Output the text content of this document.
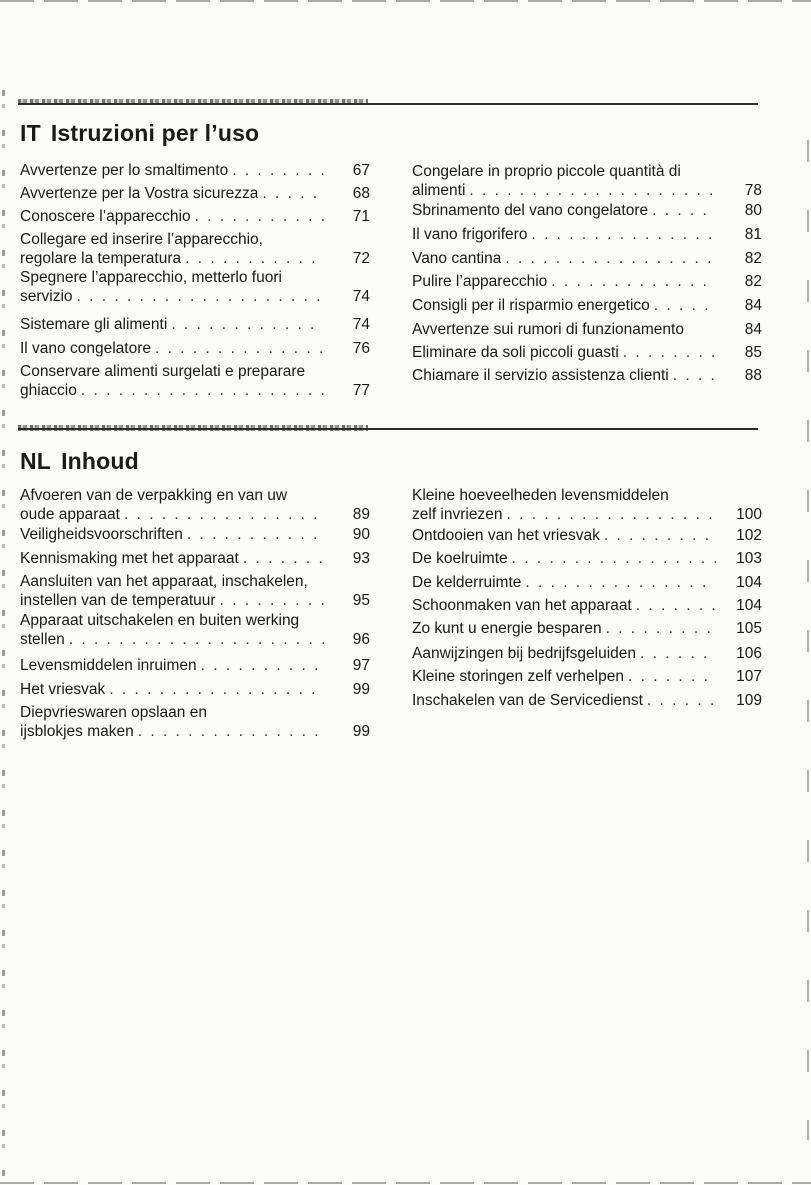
IT Istruzioni per l’uso
Avvertenze per lo smaltimento . . .	67
Avvertenze per la Vostra sicurezza . . .	68
Conoscere l’apparecchio . . .	71
Collegare ed inserire l’apparecchio,
regolare la temperatura . . .	72
Spegnere l’apparecchio, metterlo fuori
servizio . . .	74
Sistemare gli alimenti . . .	74
Il vano congelatore . . .	76
Conservare alimenti surgelati e preparare
ghiaccio . . .	77
Congelare in proprio piccole quantità di
alimenti . . .	78
Sbrinamento del vano congelatore . . .	80
Il vano frigorifero . . .	81
Vano cantina . . .	82
Pulire l’apparecchio . . .	82
Consigli per il risparmio energetico . . .	84
Avvertenze sui rumori di funzionamento	84
Eliminare da soli piccoli guasti . . .	85
Chiamare il servizio assistenza clienti . . .	88
NL Inhoud
Afvoeren van de verpakking en van uw
oude apparaat . . .	89
Veiligheidsvoorschriften . . .	90
Kennismaking met het apparaat . . .	93
Aansluiten van het apparaat, inschakelen,
instellen van de temperatuur . . .	95
Apparaat uitschakelen en buiten werking
stellen . . .	96
Levensmiddelen inruimen . . .	97
Het vriesvak . . .	99
Diepvrieswaren opslaan en
ijsblokjes maken . . .	99
Kleine hoeveelheden levensmiddelen
zelf invriezen . . .	100
Ontdooien van het vriesvak . . .	102
De koelruimte . . .	103
De kelderruimte . . .	104
Schoonmaken van het apparaat . . .	104
Zo kunt u energie besparen . . .	105
Aanwijzingen bij bedrijfsgeluiden . . .	106
Kleine storingen zelf verhelpen . . .	107
Inschakelen van de Servicedienst . . .	109
